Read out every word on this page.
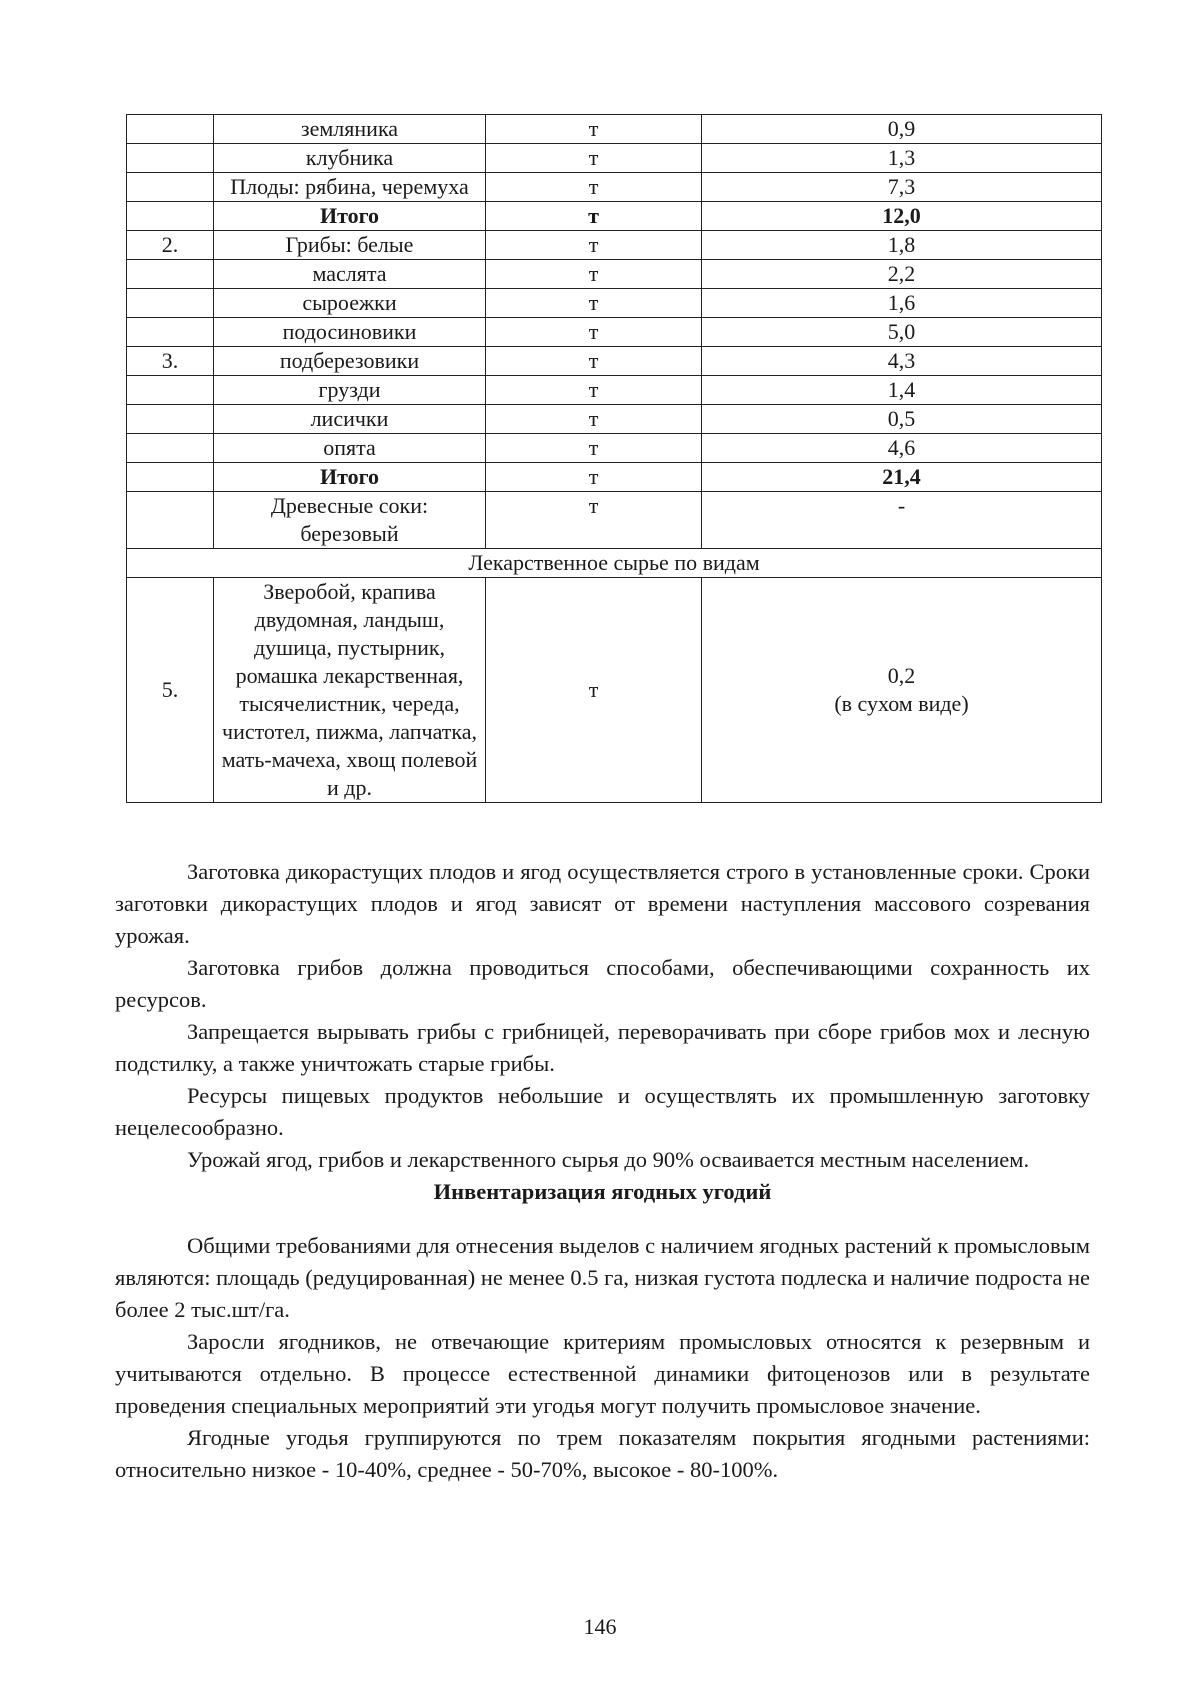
	земляника	т	0,9
	клубника	т	1,3
	Плоды: рябина, черемуха	т	7,3
	Итого	т	12,0
2.	Грибы: белые	т	1,8
	маслята	т	2,2
	сыроежки	т	1,6
	подосиновики	т	5,0
3.	подберезовики	т	4,3
	грузди	т	1,4
	лисички	т	0,5
	опята	т	4,6
	Итого	т	21,4
	Древесные соки: березовый	т	-
Лекарственное сырье по видам			
5.	Зверобой, крапива двудомная, ландыш, душица, пустырник, ромашка лекарственная, тысячелистник, череда, чистотел, пижма, лапчатка, мать-мачеха, хвощ полевой и др.	т	0,2
(в сухом виде)

Заготовка дикорастущих плодов и ягод осуществляется строго в установленные сроки. Сроки заготовки дикорастущих плодов и ягод зависят от времени наступления массового созревания урожая.

Заготовка грибов должна проводиться способами, обеспечивающими сохранность их ресурсов.

Запрещается вырывать грибы с грибницей, переворачивать при сборе грибов мох и лесную подстилку, а также уничтожать старые грибы.

Ресурсы пищевых продуктов небольшие и осуществлять их промышленную заготовку нецелесообразно.

Урожай ягод, грибов и лекарственного сырья до 90% осваивается местным населением.

Инвентаризация ягодных угодий

Общими требованиями для отнесения выделов с наличием ягодных растений к промысловым являются: площадь (редуцированная) не менее 0.5 га, низкая густота подлеска и наличие подроста не более 2 тыс.шт/га.

Заросли ягодников, не отвечающие критериям промысловых относятся к резервным и учитываются отдельно. В процессе естественной динамики фитоценозов или в результате проведения специальных мероприятий эти угодья могут получить промысловое значение.

Ягодные угодья группируются по трем показателям покрытия ягодными растениями: относительно низкое - 10-40%, среднее - 50-70%, высокое - 80-100%.

146
